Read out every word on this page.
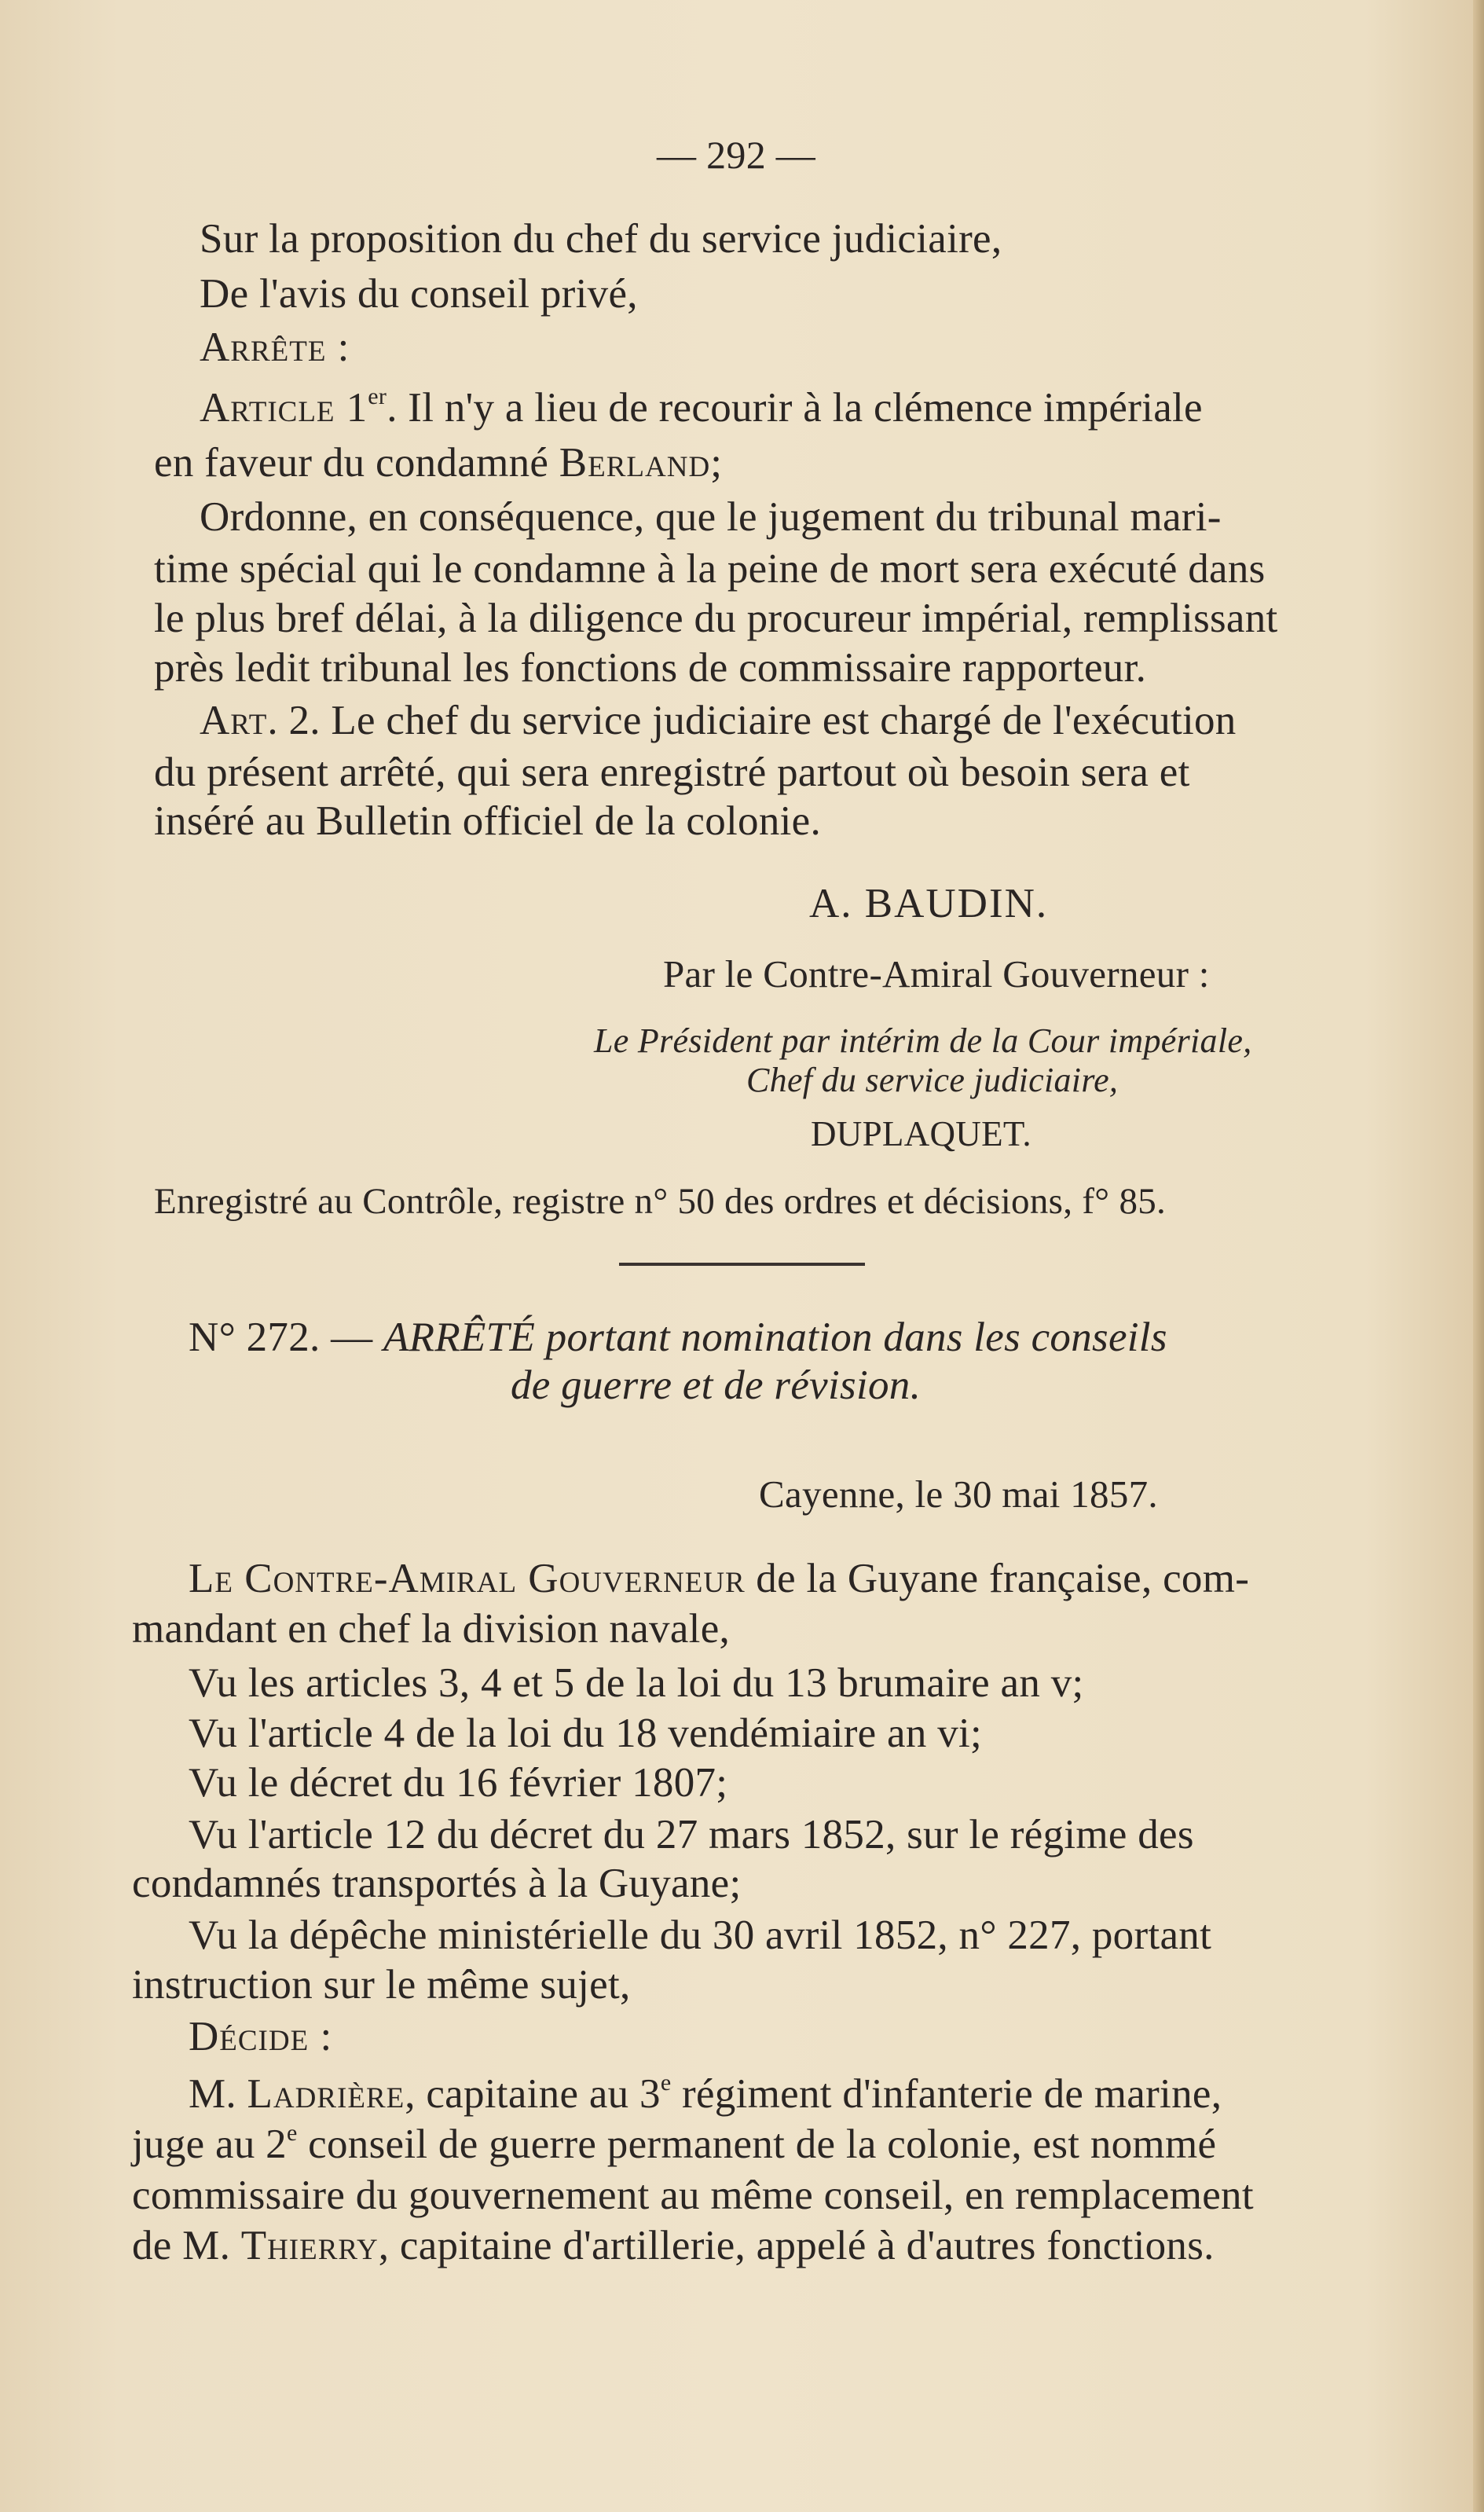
— 292 —
Sur la proposition du chef du service judiciaire,
De l'avis du conseil privé,
Arrête :
Article 1er. Il n'y a lieu de recourir à la clémence impériale
en faveur du condamné Berland;
Ordonne, en conséquence, que le jugement du tribunal mari-
time spécial qui le condamne à la peine de mort sera exécuté dans
le plus bref délai, à la diligence du procureur impérial, remplissant
près ledit tribunal les fonctions de commissaire rapporteur.
Art. 2. Le chef du service judiciaire est chargé de l'exécution
du présent arrêté, qui sera enregistré partout où besoin sera et
inséré au Bulletin officiel de la colonie.
A. BAUDIN.
Par le Contre-Amiral Gouverneur :
Le Président par intérim de la Cour impériale,
Chef du service judiciaire,
DUPLAQUET.
Enregistré au Contrôle, registre n° 50 des ordres et décisions, f° 85.
N° 272. — ARRÊTÉ portant nomination dans les conseils
de guerre et de révision.
Cayenne, le 30 mai 1857.
Le Contre-Amiral Gouverneur de la Guyane française, com-
mandant en chef la division navale,
Vu les articles 3, 4 et 5 de la loi du 13 brumaire an v;
Vu l'article 4 de la loi du 18 vendémiaire an vi;
Vu le décret du 16 février 1807;
Vu l'article 12 du décret du 27 mars 1852, sur le régime des
condamnés transportés à la Guyane;
Vu la dépêche ministérielle du 30 avril 1852, n° 227, portant
instruction sur le même sujet,
Décide :
M. Ladrière, capitaine au 3e régiment d'infanterie de marine,
juge au 2e conseil de guerre permanent de la colonie, est nommé
commissaire du gouvernement au même conseil, en remplacement
de M. Thierry, capitaine d'artillerie, appelé à d'autres fonctions.
